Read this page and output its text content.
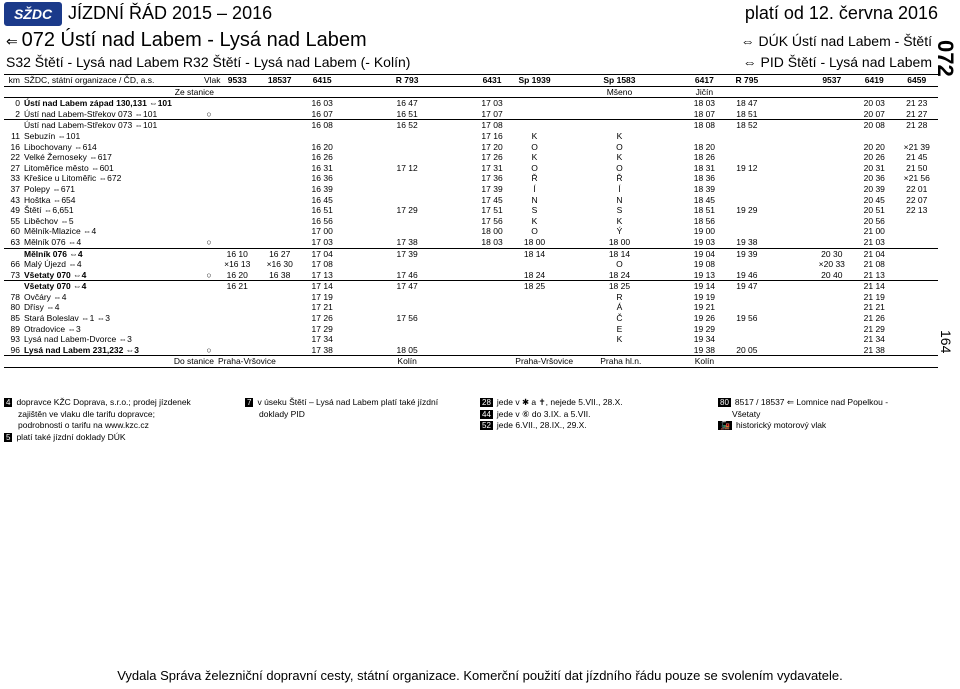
SŽDC JÍZDNÍ ŘÁD 2015 – 2016	platí od 12. června 2016
⇐ 072 Ústí nad Labem - Lysá nad Labem
S32 Štětí - Lysá nad Labem R32 Štětí - Lysá nad Labem (- Kolín)
⇔ DÚK Ústí nad Labem - Štětí
⇔ PID Štětí - Lysá nad Labem 072
164
km	SŽDC, státní organizace / ČD, a.s.	Vlak	9533	18537	6415		R 793		6431	Sp 1939		Sp 1583		6417	R 795		9537	6419	6459
Ze stanice												Mšeno		Jičín					
0	Ústí nad Labem západ 130,131 ⇔101				16 03		16 47		17 03					18 03	18 47			20 03	21 23
2	Ústí nad Labem-Střekov 073 ⇔101	○			16 07		16 51		17 07					18 07	18 51			20 07	21 27
	Ústí nad Labem-Střekov 073 ⇔101				16 08		16 52		17 08					18 08	18 52			20 08	21 28
11	Sebuzín ⇔101								17 16	K		K							
16	Libochovany ⇔614				16 20				17 20	O		O		18 20				20 20	×21 39
22	Velké Žernoseky ⇔617				16 26				17 26	K		K		18 26				20 26	21 45
27	Litoměřice město ⇔601				16 31		17 12		17 31	O		O		18 31	19 12			20 31	21 50
33	Křešice u Litoměřic ⇔672				16 36				17 36	Ř		Ř		18 36				20 36	×21 56
37	Polepy ⇔671				16 39				17 39	Í		Í		18 39				20 39	22 01
43	Hoštka ⇔654				16 45				17 45	N		N		18 45				20 45	22 07
49	Štětí ⇔6,651				16 51		17 29		17 51	S		S		18 51	19 29			20 51	22 13
55	Liběchov ⇔5				16 56				17 56	K		K		18 56				20 56	
60	Mělník-Mlazice ⇔4				17 00				18 00	O		Ý		19 00				21 00	
63	Mělník 076 ⇔4	○			17 03		17 38		18 03	18 00		18 00		19 03	19 38			21 03	
	Mělník 076 ⇔4		16 10	16 27	17 04		17 39			18 14		18 14		19 04	19 39		20 30	21 04	
66	Malý Újezd ⇔4		×16 13	×16 30	17 08							O		19 08			×20 33	21 08	
73	Všetaty 070 ⇔4	○	16 20	16 38	17 13		17 46			18 24		18 24		19 13	19 46		20 40	21 13	
	Všetaty 070 ⇔4		16 21		17 14		17 47			18 25		18 25		19 14	19 47			21 14	
78	Ovčáry ⇔4				17 19							R		19 19				21 19	
80	Dřísy ⇔4				17 21							Á		19 21				21 21	
85	Stará Boleslav ⇔1 ⇔3				17 26		17 56					Č		19 26	19 56			21 26	
89	Otradovice ⇔3				17 29							E		19 29				21 29	
93	Lysá nad Labem-Dvorce ⇔3				17 34							K		19 34				21 34	
96	Lysá nad Labem 231,232 ⇔3	○			17 38		18 05							19 38	20 05			21 38	
Do stanice			Praha-Vršovice				Kolín			Praha-Vršovice		Praha hl.n.		Kolín					
4 dopravce KŽC Doprava, s.r.o.; prodej jízdenek
zajištěn ve vlaku dle tarifu dopravce;
podrobnosti o tarifu na www.kzc.cz
5 platí také jízdní doklady DÚK
7 v úseku Štětí – Lysá nad Labem platí také jízdní
doklady PID
28 jede v ✱ a ✝, nejede 5.VII., 28.X.
44 jede v ⑥ do 3.IX. a 5.VII.
52 jede 6.VII., 28.IX., 29.X.
80 8517 / 18537 ⇐ Lomnice nad Popelkou -
Všetaty
🚂 historický motorový vlak
Vydala Správa železniční dopravní cesty, státní organizace. Komerční použití dat jízdního řádu pouze se svolením vydavatele.
